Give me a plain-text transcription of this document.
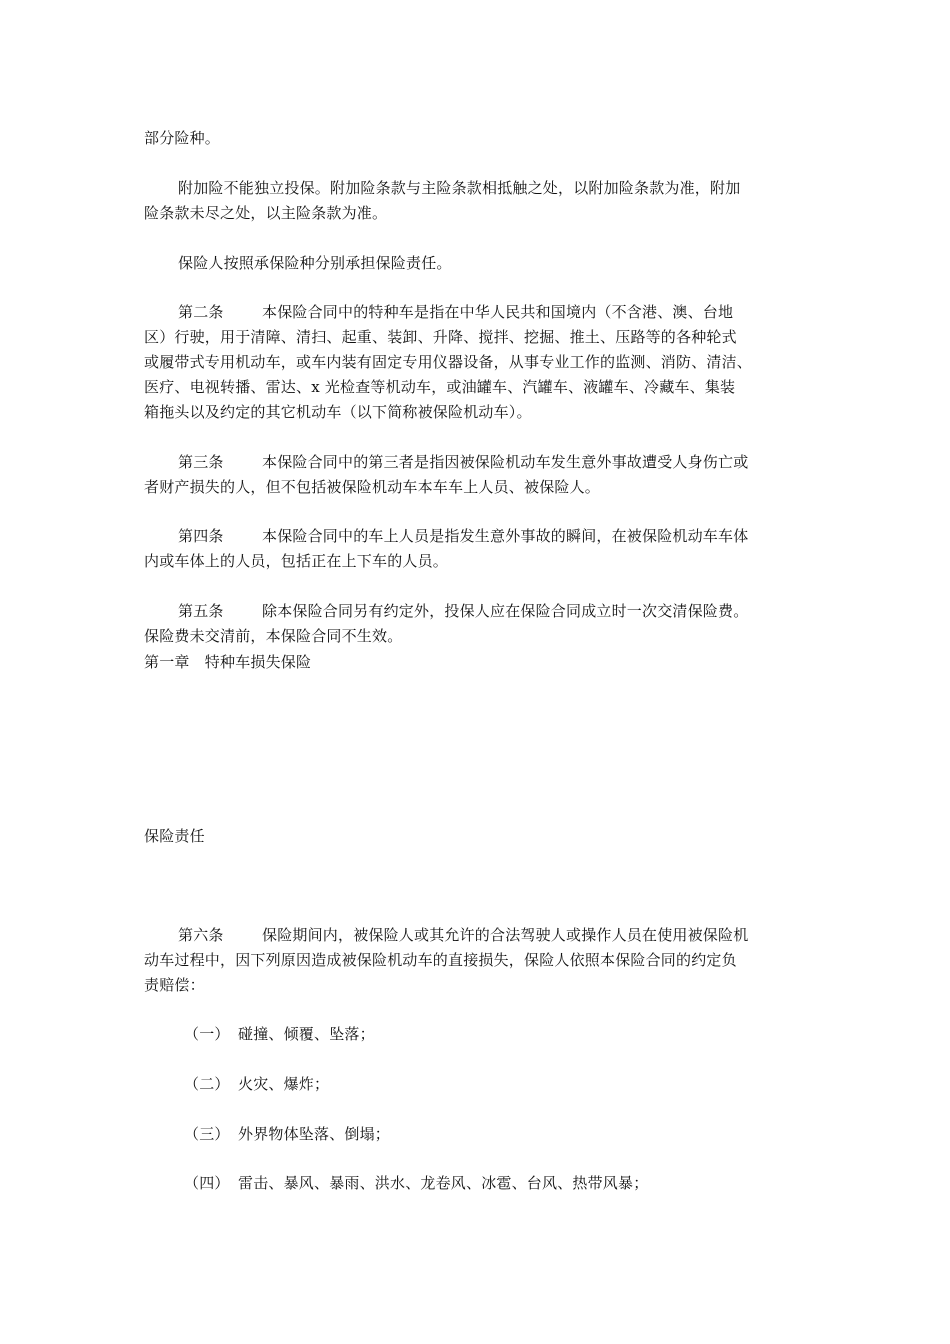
部分险种。

附加险不能独立投保。附加险条款与主险条款相抵触之处，以附加险条款为准，附加

险条款未尽之处，以主险条款为准。

保险人按照承保险种分别承担保险责任。

第二条	本保险合同中的特种车是指在中华人民共和国境内（不含港、澳、台地

区）行驶，用于清障、清扫、起重、装卸、升降、搅拌、挖掘、推土、压路等的各种轮式

或履带式专用机动车，或车内装有固定专用仪器设备，从事专业工作的监测、消防、清洁、

医疗、电视转播、雷达、x 光检查等机动车，或油罐车、汽罐车、液罐车、冷藏车、集装

箱拖头以及约定的其它机动车（以下简称被保险机动车）。

第三条	本保险合同中的第三者是指因被保险机动车发生意外事故遭受人身伤亡或

者财产损失的人，但不包括被保险机动车本车车上人员、被保险人。

第四条	本保险合同中的车上人员是指发生意外事故的瞬间，在被保险机动车车体

内或车体上的人员，包括正在上下车的人员。

第五条	除本保险合同另有约定外，投保人应在保险合同成立时一次交清保险费。

保险费未交清前，本保险合同不生效。

第一章　特种车损失保险

保险责任

第六条	保险期间内，被保险人或其允许的合法驾驶人或操作人员在使用被保险机

动车过程中，因下列原因造成被保险机动车的直接损失，保险人依照本保险合同的约定负

责赔偿：

（一） 碰撞、倾覆、坠落；

（二） 火灾、爆炸；

（三） 外界物体坠落、倒塌；

（四） 雷击、暴风、暴雨、洪水、龙卷风、冰雹、台风、热带风暴；
